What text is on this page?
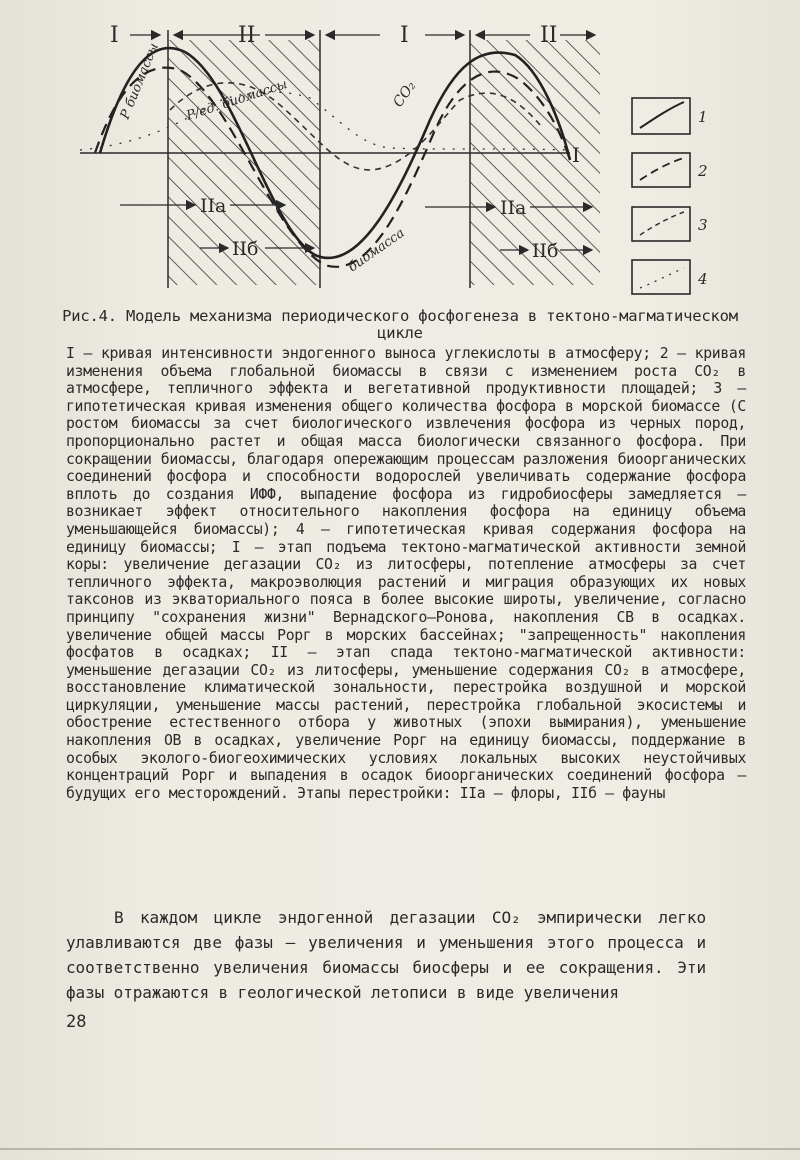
I	II	I	II
I
P биомассы P/ед. биомассы	CO₂
биомасса
IIa
IIб
IIa
IIб
1
2
3
4
Рис.4. Модель механизма периодического фосфогенеза в тектоно-магматическом цикле
I – кривая интенсивности эндогенного выноса углекислоты в атмосферу; 2 – кривая изменения объема глобальной биомассы в связи с изменением роста CO₂ в атмосфере, тепличного эффекта и вегетативной продуктивности площадей; 3 – гипотетическая кривая изменения общего количества фосфора в морской биомассе (С ростом биомассы за счет биологического извлечения фосфора из черных пород, пропорционально растет и общая масса биологически связанного фосфора. При сокращении биомассы, благодаря опережающим процессам разложения биоорганических соединений фосфора и способности водорослей увеличивать содержание фосфора вплоть до создания ИФФ, выпадение фосфора из гидробиосферы замедляется – возникает эффект относительного накопления фосфора на единицу объема уменьшающейся биомассы); 4 – гипотетическая кривая содержания фосфора на единицу биомассы; I – этап подъема тектоно-магматической активности земной коры: увеличение дегазации CO₂ из литосферы, потепление атмосферы за счет тепличного эффекта, макроэволюция растений и миграция образующих их новых таксонов из экваториального пояса в более высокие широты, увеличение, согласно принципу "сохранения жизни" Вернадского–Ронова, накопления СВ в осадках. увеличение общей массы Pорг в морских бассейнах; "запрещенность" накопления фосфатов в осадках; II – этап спада тектоно-магматической активности: уменьшение дегазации CO₂ из литосферы, уменьшение содержания CO₂ в атмосфере, восстановление климатической зональности, перестройка воздушной и морской циркуляции, уменьшение массы растений, перестройка глобальной экосистемы и обострение естественного отбора у животных (эпохи вымирания), уменьшение накопления ОВ в осадках, увеличение Pорг на единицу биомассы, поддержание в особых эколого-биогеохимических условиях локальных высоких неустойчивых концентраций Pорг и выпадения в осадок биоорганических соединений фосфора – будущих его месторождений. Этапы перестройки: IIa – флоры, IIб – фауны

В каждом цикле эндогенной дегазации CO₂ эмпирически легко улавливаются две фазы – увеличения и уменьшения этого процесса и соответственно увеличения биомассы биосферы и ее сокращения. Эти фазы отражаются в геологической летописи в виде увеличения

28
